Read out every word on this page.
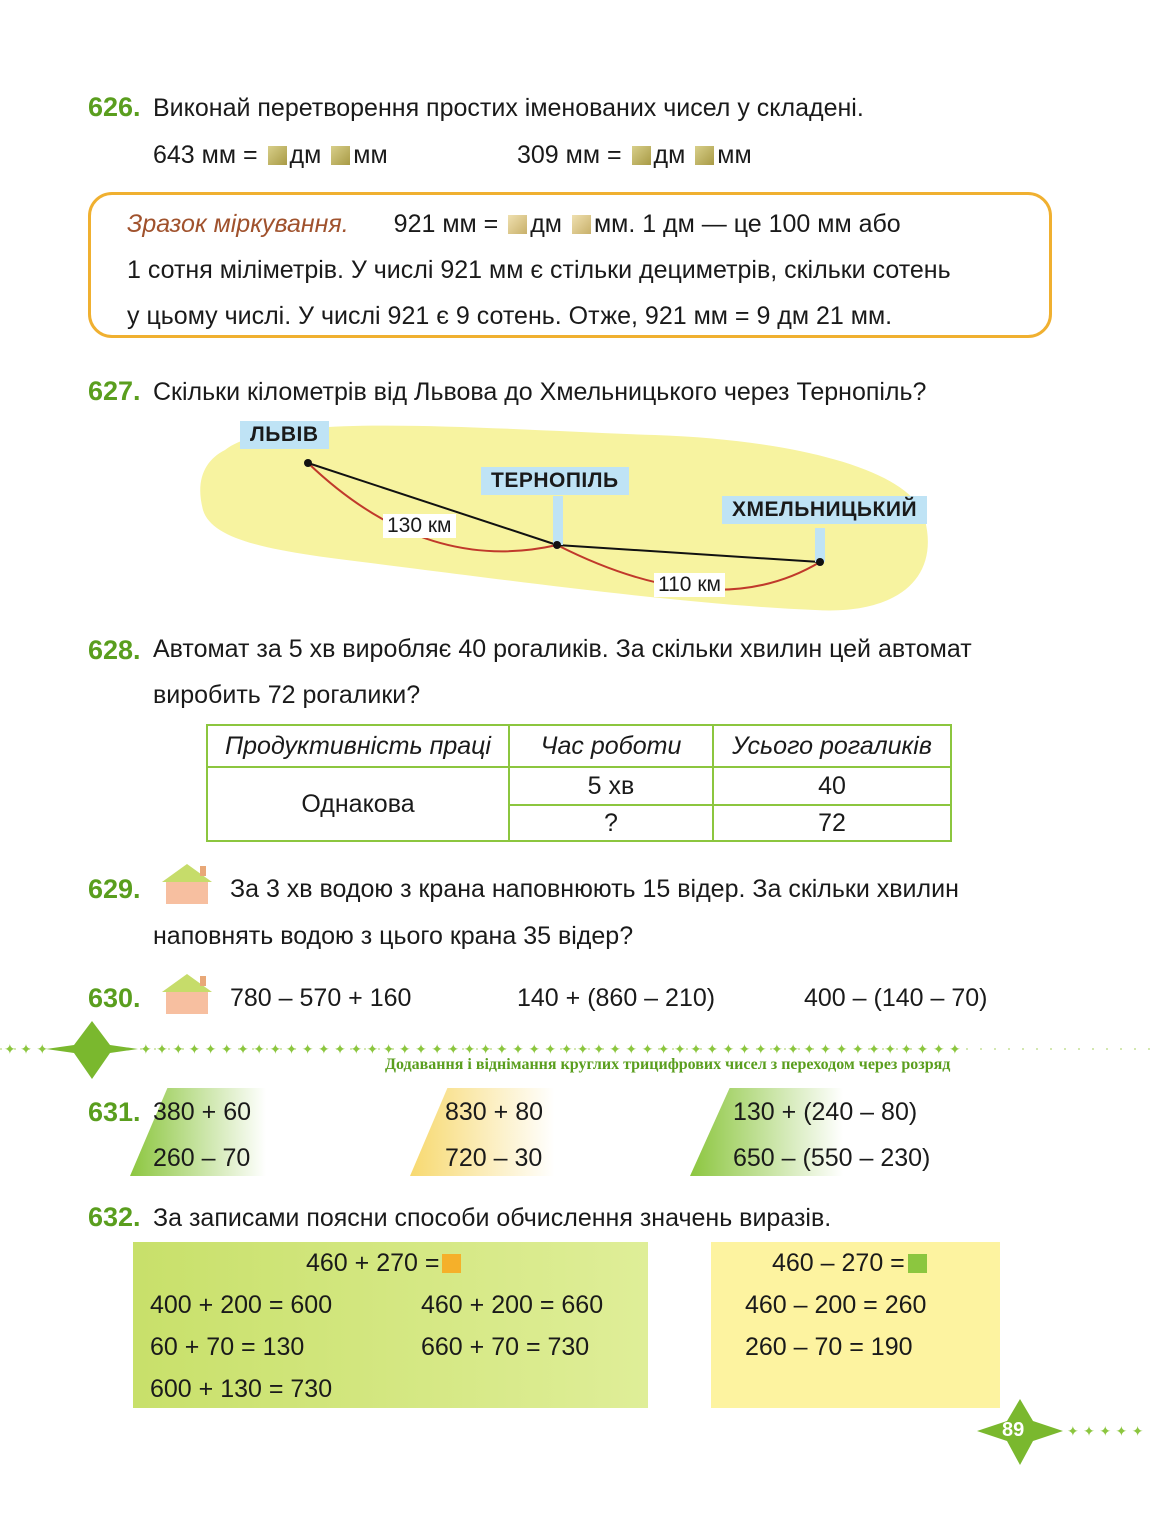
626. Виконай перетворення простих іменованих чисел у складені.
643 мм = дм мм	309 мм = дм мм
Зразок міркування. 921 мм = дм мм. 1 дм — це 100 мм або
1 сотня міліметрів. У числі 921 мм є стільки дециметрів, скільки сотень
у цьому числі. У числі 921 є 9 сотень. Отже, 921 мм = 9 дм 21 мм.
627. Скільки кілометрів від Львова до Хмельницького через Тернопіль?
ЛЬВІВ
ТЕРНОПІЛЬ
ХМЕЛЬНИЦЬКИЙ
130 км
110 км
628. Автомат за 5 хв виробляє 40 рогаликів. За скільки хвилин цей автомат
виробить 72 рогалики?
Продуктивність праці	Час роботи	Усього рогаликів
Однакова	5 хв	40
	?	72
629.	За 3 хв водою з крана наповнюють 15 відер. За скільки хвилин
наповнять водою з цього крана 35 відер?
630.	780 – 570 + 160	140 + (860 – 210)	400 – (140 – 70)
✦ ✦ ✦	✦ ✦ ✦ ✦ ✦ ✦ ✦ ✦ ✦ ✦ ✦ ✦ ✦ ✦ ✦ ✦ ✦ ✦ ✦ ✦ ✦ ✦ ✦ ✦ ✦ ✦ ✦ ✦ ✦ ✦ ✦ ✦ ✦ ✦ ✦ ✦ ✦ ✦ ✦ ✦ ✦ ✦ ✦ ✦ ✦ ✦ ✦ ✦ ✦ ✦ ✦
Додавання і віднімання круглих трицифрових чисел з переходом через розряд
631. 380 + 60
260 – 70
830 + 80
720 – 30
130 + (240 – 80)
650 – (550 – 230)
632. За записами поясни способи обчислення значень виразів.
460 + 270 =
400 + 200 = 600
60 + 70 = 130
600 + 130 = 730
460 + 200 = 660
660 + 70 = 730
460 – 270 =
460 – 200 = 260
260 – 70 = 190
✦ ✦ ✦ ✦ ✦
89
